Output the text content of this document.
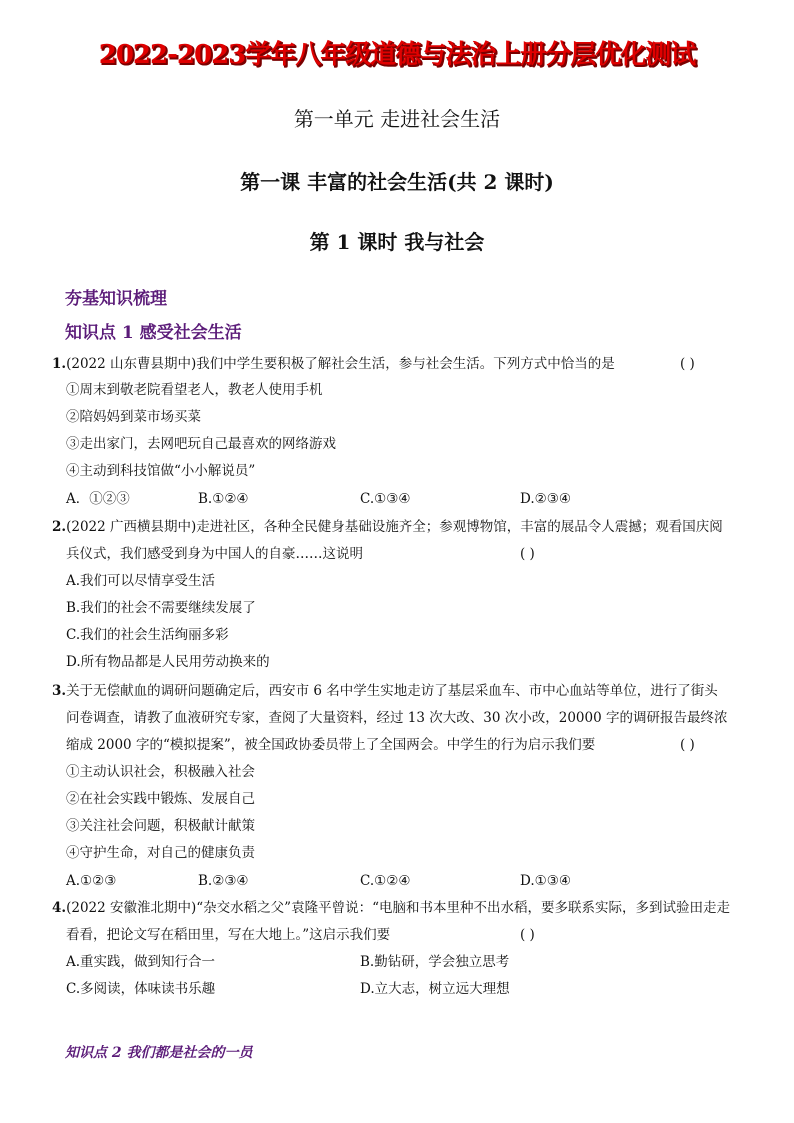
2022-2023学年八年级道德与法治上册分层优化测试
第一单元 走进社会生活
第一课 丰富的社会生活(共 2 课时)
第 1 课时 我与社会
夯基知识梳理
知识点 1 感受社会生活
1.(2022 山东曹县期中)我们中学生要积极了解社会生活，参与社会生活。下列方式中恰当的是	( )
①周末到敬老院看望老人，教老人使用手机
②陪妈妈到菜市场买菜
③走出家门，去网吧玩自己最喜欢的网络游戏
④主动到科技馆做“小小解说员”
A．①②③	B.①②④	C.①③④	D.②③④
2.(2022 广西横县期中)走进社区，各种全民健身基础设施齐全；参观博物馆，丰富的展品令人震撼；观看国庆阅
兵仪式，我们感受到身为中国人的自豪……这说明	( )
A.我们可以尽情享受生活
B.我们的社会不需要继续发展了
C.我们的社会生活绚丽多彩
D.所有物品都是人民用劳动换来的
3.关于无偿献血的调研问题确定后，西安市 6 名中学生实地走访了基层采血车、市中心血站等单位，进行了街头
问卷调查，请教了血液研究专家，查阅了大量资料，经过 13 次大改、30 次小改，20000 字的调研报告最终浓
缩成 2000 字的“模拟提案”，被全国政协委员带上了全国两会。中学生的行为启示我们要	( )
①主动认识社会，积极融入社会
②在社会实践中锻炼、发展自己
③关注社会问题，积极献计献策
④守护生命，对自己的健康负责
A.①②③	B.②③④	C.①②④	D.①③④
4.(2022 安徽淮北期中)“杂交水稻之父”袁隆平曾说：“电脑和书本里种不出水稻，要多联系实际，多到试验田走走
看看，把论文写在稻田里，写在大地上。”这启示我们要	( )
A.重实践，做到知行合一	B.勤钻研，学会独立思考
C.多阅读，体味读书乐趣	D.立大志，树立远大理想
知识点 2 我们都是社会的一员
